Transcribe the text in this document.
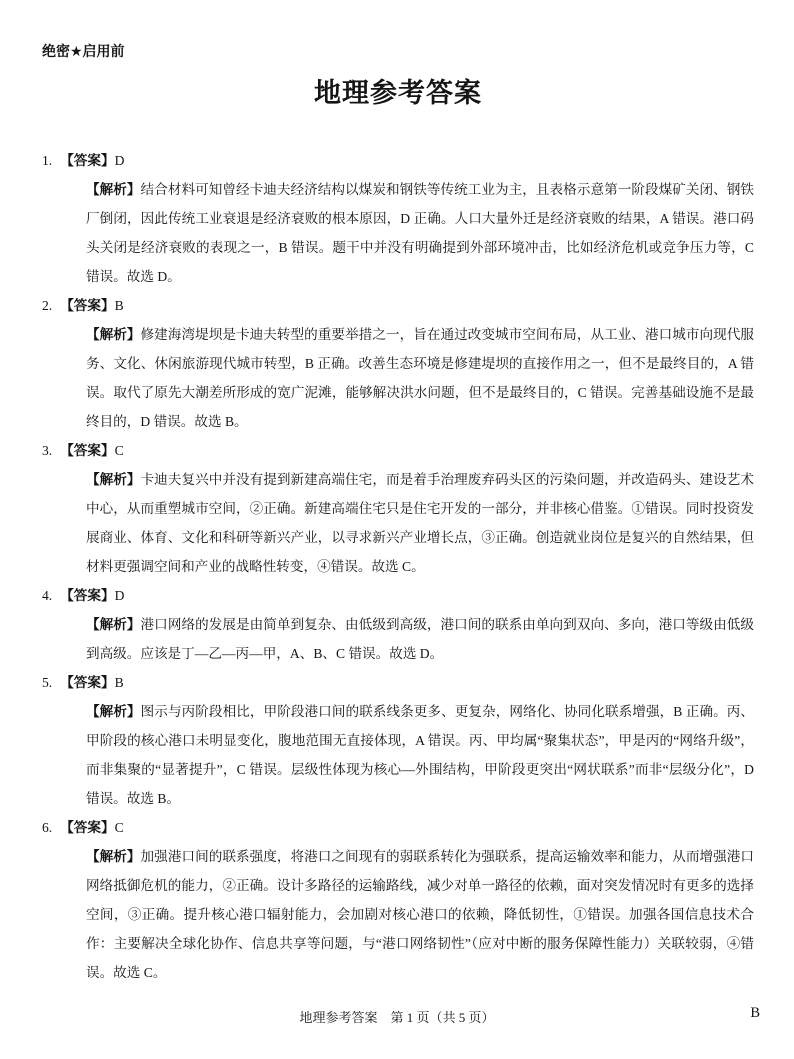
绝密★启用前
地理参考答案
1. 【答案】D

【解析】结合材料可知曾经卡迪夫经济结构以煤炭和钢铁等传统工业为主，且表格示意第一阶段煤矿关闭、钢铁厂倒闭，因此传统工业衰退是经济衰败的根本原因，D 正确。人口大量外迁是经济衰败的结果，A 错误。港口码头关闭是经济衰败的表现之一，B 错误。题干中并没有明确提到外部环境冲击，比如经济危机或竞争压力等，C 错误。故选 D。

2. 【答案】B

【解析】修建海湾堤坝是卡迪夫转型的重要举措之一，旨在通过改变城市空间布局，从工业、港口城市向现代服务、文化、休闲旅游现代城市转型，B 正确。改善生态环境是修建堤坝的直接作用之一，但不是最终目的，A 错误。取代了原先大潮差所形成的宽广泥滩，能够解决洪水问题，但不是最终目的，C 错误。完善基础设施不是最终目的，D 错误。故选 B。

3. 【答案】C

【解析】卡迪夫复兴中并没有提到新建高端住宅，而是着手治理废弃码头区的污染问题，并改造码头、建设艺术中心，从而重塑城市空间，②正确。新建高端住宅只是住宅开发的一部分，并非核心借鉴。①错误。同时投资发展商业、体育、文化和科研等新兴产业，以寻求新兴产业增长点，③正确。创造就业岗位是复兴的自然结果，但材料更强调空间和产业的战略性转变，④错误。故选 C。

4. 【答案】D

【解析】港口网络的发展是由简单到复杂、由低级到高级，港口间的联系由单向到双向、多向，港口等级由低级到高级。应该是丁—乙—丙—甲，A、B、C 错误。故选 D。

5. 【答案】B

【解析】图示与丙阶段相比，甲阶段港口间的联系线条更多、更复杂，网络化、协同化联系增强，B 正确。丙、甲阶段的核心港口未明显变化，腹地范围无直接体现，A 错误。丙、甲均属“聚集状态”，甲是丙的“网络升级”，而非集聚的“显著提升”，C 错误。层级性体现为核心—外围结构，甲阶段更突出“网状联系”而非“层级分化”，D 错误。故选 B。

6. 【答案】C

【解析】加强港口间的联系强度，将港口之间现有的弱联系转化为强联系，提高运输效率和能力，从而增强港口网络抵御危机的能力，②正确。设计多路径的运输路线，减少对单一路径的依赖，面对突发情况时有更多的选择空间，③正确。提升核心港口辐射能力，会加剧对核心港口的依赖，降低韧性，①错误。加强各国信息技术合作：主要解决全球化协作、信息共享等问题，与“港口网络韧性”（应对中断的服务保障性能力）关联较弱，④错误。故选 C。

地理参考答案　第 1 页（共 5 页）	B
